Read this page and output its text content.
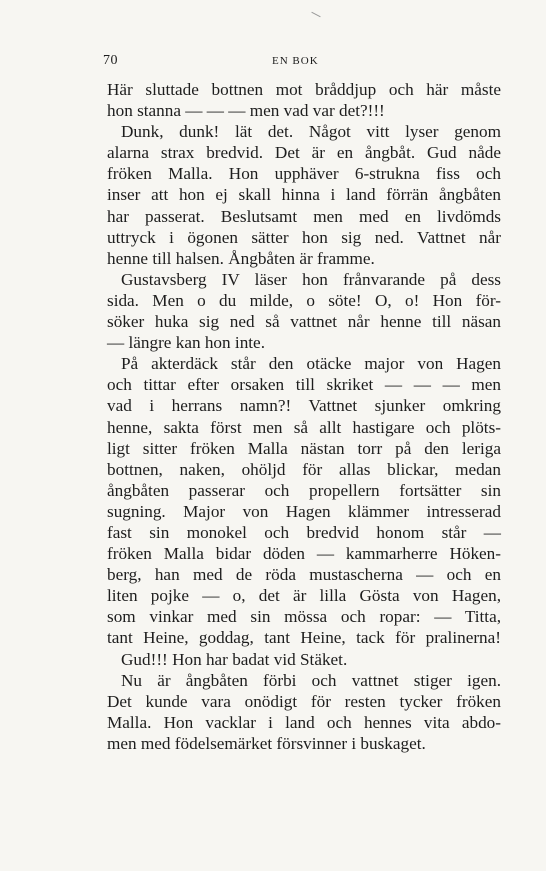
70	EN BOK
Här sluttade bottnen mot bråddjup och här måste
hon stanna — — — men vad var det?!!!
Dunk, dunk! lät det. Något vitt lyser genom
alarna strax bredvid. Det är en ångbåt. Gud nåde
fröken Malla. Hon upphäver 6-strukna fiss och
inser att hon ej skall hinna i land förrän ångbåten
har passerat. Beslutsamt men med en livdömds
uttryck i ögonen sätter hon sig ned. Vattnet når
henne till halsen. Ångbåten är framme.
Gustavsberg IV läser hon frånvarande på dess
sida. Men o du milde, o söte! O, o! Hon för-
söker huka sig ned så vattnet når henne till näsan
— längre kan hon inte.
På akterdäck står den otäcke major von Hagen
och tittar efter orsaken till skriket — — — men
vad i herrans namn?! Vattnet sjunker omkring
henne, sakta först men så allt hastigare och plöts-
ligt sitter fröken Malla nästan torr på den leriga
bottnen, naken, ohöljd för allas blickar, medan
ångbåten passerar och propellern fortsätter sin
sugning. Major von Hagen klämmer intresserad
fast sin monokel och bredvid honom står —
fröken Malla bidar döden — kammarherre Höken-
berg, han med de röda mustascherna — och en
liten pojke — o, det är lilla Gösta von Hagen,
som vinkar med sin mössa och ropar: — Titta,
tant Heine, goddag, tant Heine, tack för pralinerna!
Gud!!! Hon har badat vid Stäket.
Nu är ångbåten förbi och vattnet stiger igen.
Det kunde vara onödigt för resten tycker fröken
Malla. Hon vacklar i land och hennes vita abdo-
men med födelsemärket försvinner i buskaget.
